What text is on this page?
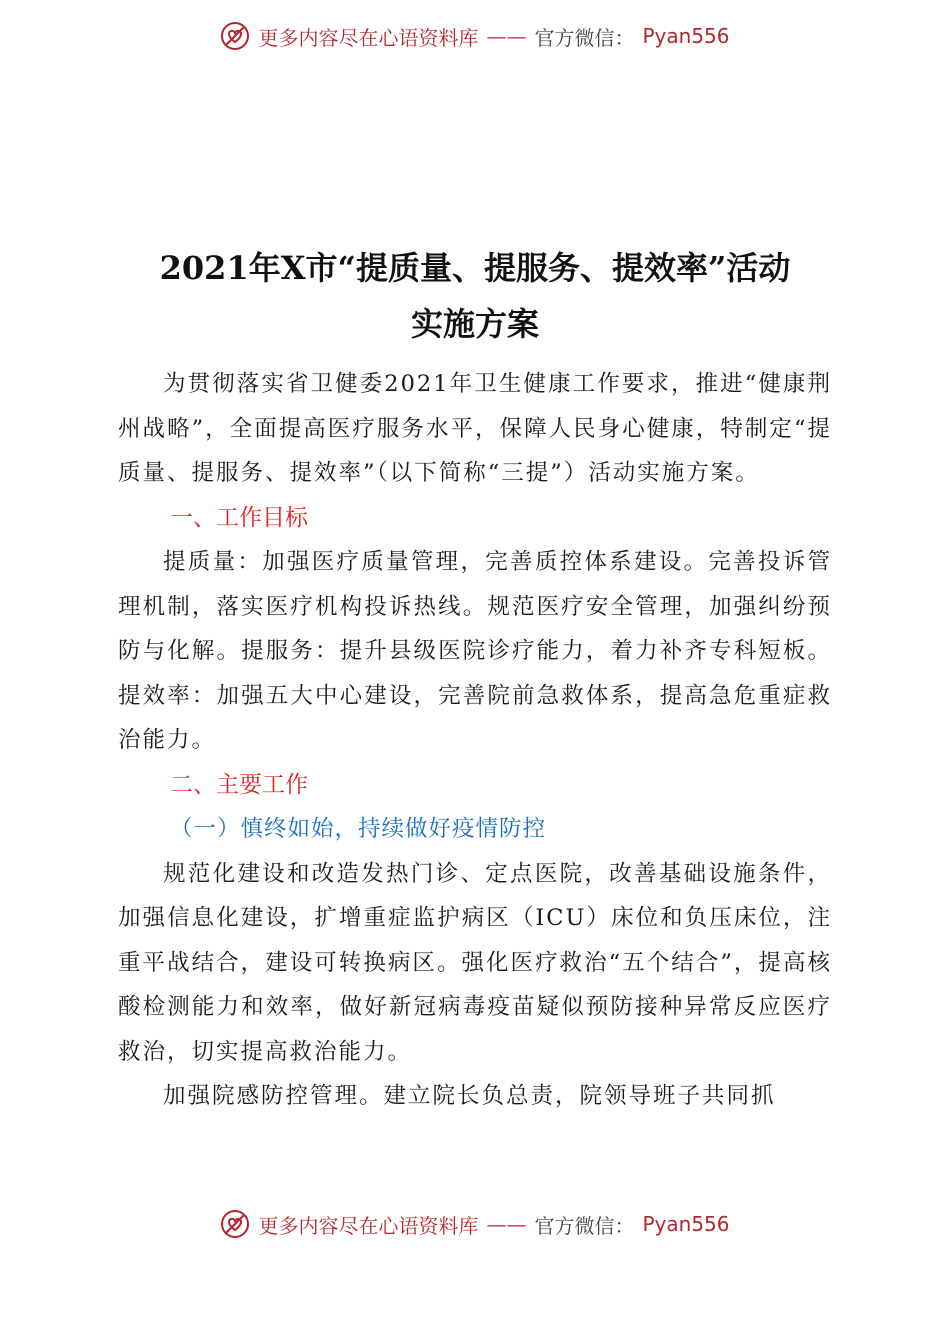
更多内容尽在心语资料库 —— 官方微信： Pyan556
2021年X市“提质量、提服务、提效率”活动
实施方案

为贯彻落实省卫健委2021年卫生健康工作要求，推进“健康荆州战略”，全面提高医疗服务水平，保障人民身心健康，特制定“提质量、提服务、提效率”（以下简称“三提”）活动实施方案。

一、工作目标

提质量：加强医疗质量管理，完善质控体系建设。完善投诉管理机制，落实医疗机构投诉热线。规范医疗安全管理，加强纠纷预防与化解。提服务：提升县级医院诊疗能力，着力补齐专科短板。提效率：加强五大中心建设，完善院前急救体系，提高急危重症救治能力。

二、主要工作

（一）慎终如始，持续做好疫情防控

规范化建设和改造发热门诊、定点医院，改善基础设施条件，加强信息化建设，扩增重症监护病区（ICU）床位和负压床位，注重平战结合，建设可转换病区。强化医疗救治“五个结合”，提高核酸检测能力和效率，做好新冠病毒疫苗疑似预防接种异常反应医疗救治，切实提高救治能力。

加强院感防控管理。建立院长负总责，院领导班子共同抓

更多内容尽在心语资料库 —— 官方微信： Pyan556
